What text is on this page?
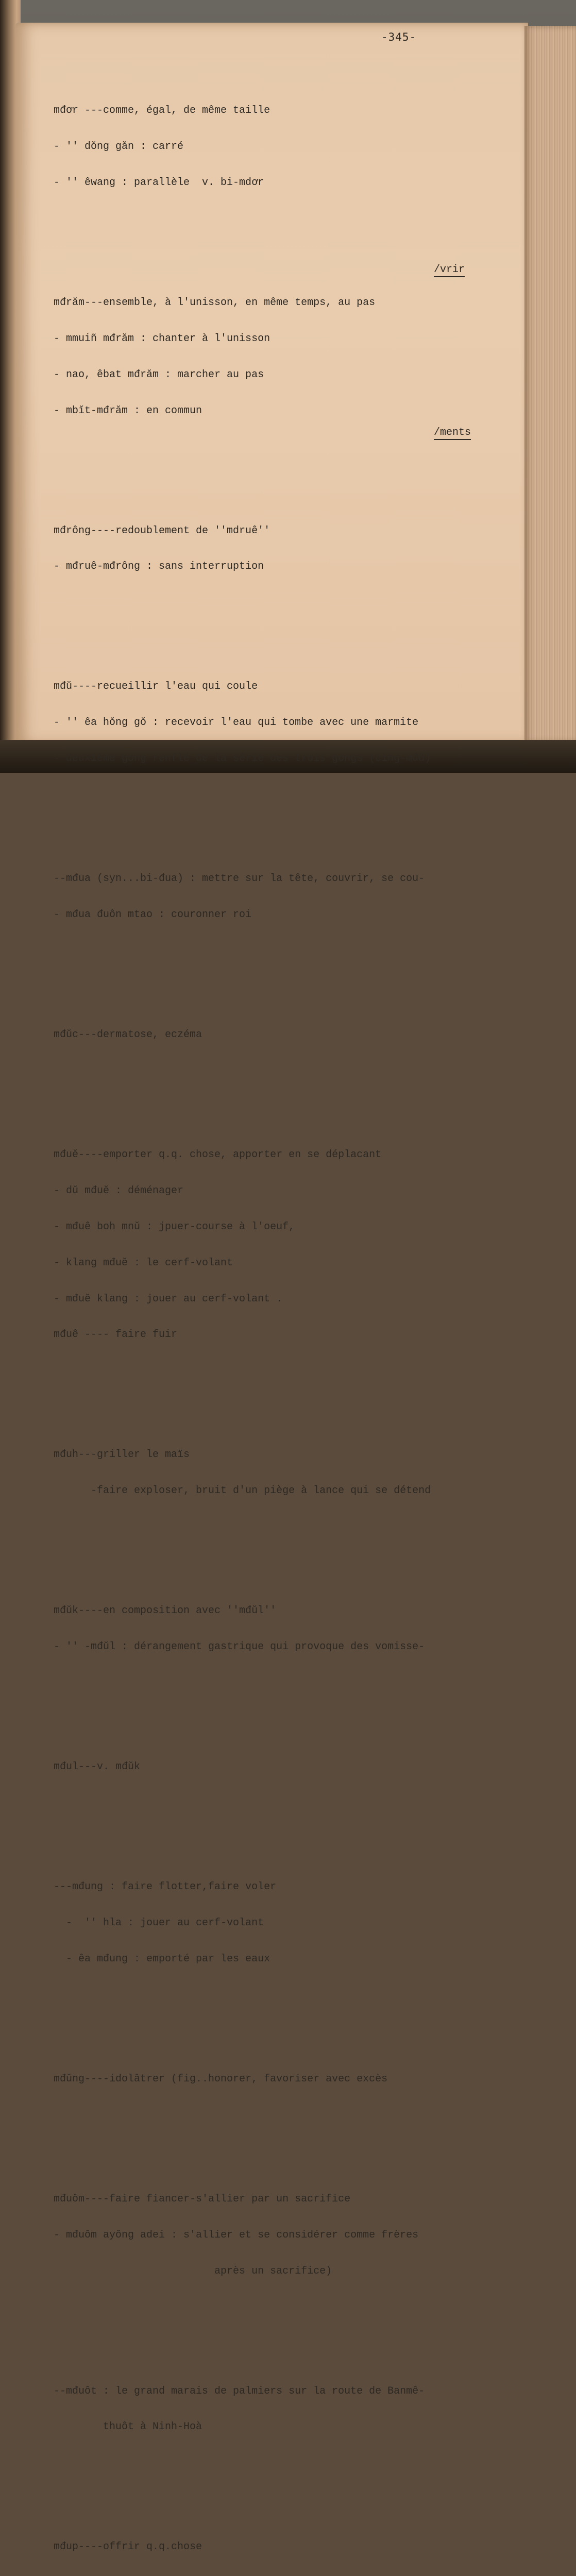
-345-

mđơr ---comme, égal, de même taille

- '' dŏng găn : carré

- '' êwang : parallèle  v. bi-mdơr

mđrăm---ensemble, à l'unisson, en même temps, au pas

- mmuiñ mđrăm : chanter à l'unisson

- nao, êbat mđrăm : marcher au pas

- mbĭt-mđrăm : en commun

mđrông----redoublement de ''mdruê''

- mđruê-mđrông : sans interruption

mđŭ----recueillir l'eau qui coule

- '' êa hŏng gŏ : recevoir l'eau qui tombe avec une marmite

- deuxième gong renflé de la série des trois gongs (cing-mđŭ)

--mđua (syn...bi-đua) : mettre sur la tête, couvrir, se cou-

- mđua đuôn mtao : couronner roi

mđŭc---dermatose, eczéma

mđuĕ----emporter q.q. chose, apporter en se déplacant

- dŭ mđuĕ : déménager

- mđuê boh mnŭ : jpuer-course à l'oeuf,

- klang mđuĕ : le cerf-volant

- mđuĕ klang : jouer au cerf-volant .

mđuê ---- faire fuir

mđuh---griller le maïs

-faire exploser, bruit d'un piège à lance qui se détend

mđŭk----en composition avec ''mđŭl''

- '' -mđŭl : dérangement gastrique qui provoque des vomisse-

mđul---v. mđŭk

---mđung : faire flotter,faire voler

-  '' hla : jouer au cerf-volant

- êa mđung : emporté par les eaux

mđŭng----idolâtrer (fig..honorer, favoriser avec excès

mđuôm----faire fiancer-s'allier par un sacrifice

- mđuôm ayŏng adei : s'allier et se considérer comme frères

après un sacrifice)

--mđuôt : le grand marais de palmiers sur la route de Banmê-

thuôt à Ninh-Hoà

mđup----offrir q.q.chose

/vrir
/ments
